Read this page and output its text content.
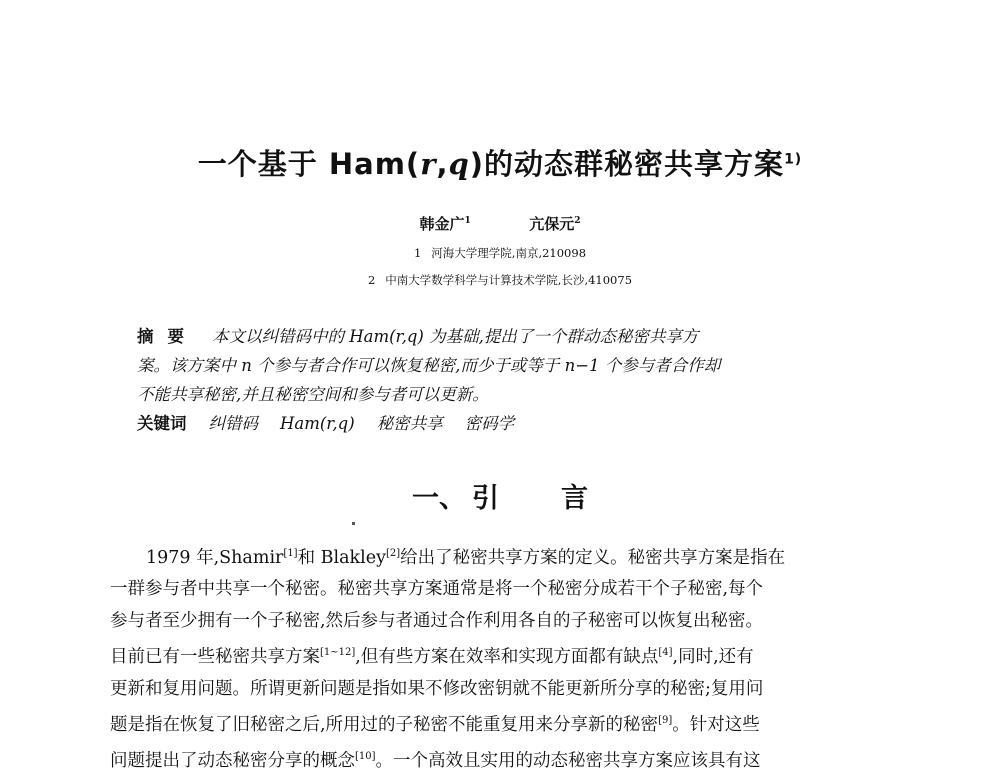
一个基于 Ham(r,q)的动态群秘密共享方案$^{1)}$
韩金广$^1$	亢保元$^2$
1 河海大学理学院,南京,210098
2 中南大学数学科学与计算技术学院,长沙,410075
摘要 本文以纠错码中的 Ham(r,q) 为基础,提出了一个群动态秘密共享方
案。该方案中 n 个参与者合作可以恢复秘密,而少于或等于 n−1 个参与者合作却
不能共享秘密,并且秘密空间和参与者可以更新。
关键词 纠错码 Ham(r,q) 秘密共享 密码学
一、 引 言
1979 年,Shamir[1]和 Blakley[2]给出了秘密共享方案的定义。秘密共享方案是指在
一群参与者中共享一个秘密。秘密共享方案通常是将一个秘密分成若干个子秘密,每个
参与者至少拥有一个子秘密,然后参与者通过合作利用各自的子秘密可以恢复出秘密。
目前已有一些秘密共享方案[1~12],但有些方案在效率和实现方面都有缺点[4],同时,还有
更新和复用问题。所谓更新问题是指如果不修改密钥就不能更新所分享的秘密;复用问
题是指在恢复了旧秘密之后,所用过的子秘密不能重复用来分享新的秘密[9]。针对这些
问题提出了动态秘密分享的概念[10]。一个高效且实用的动态秘密共享方案应该具有这
